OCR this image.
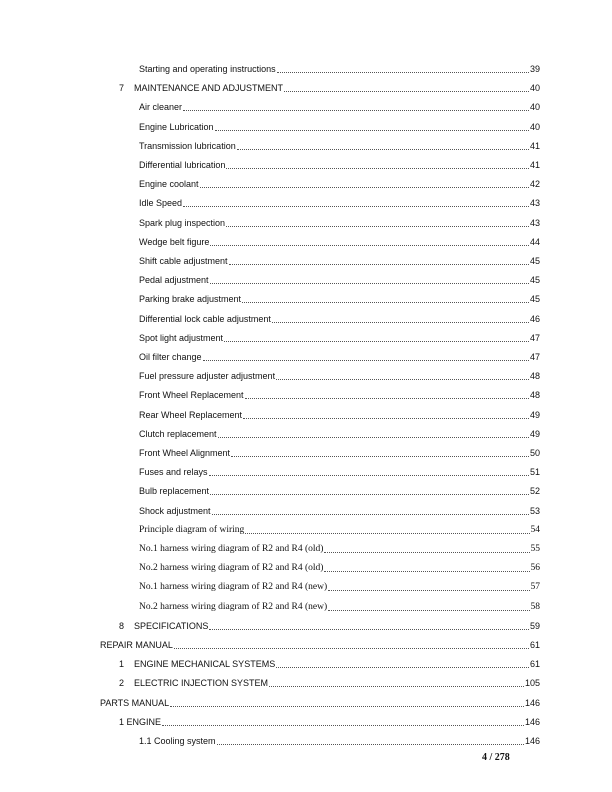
Starting and operating instructions	39
7	MAINTENANCE AND ADJUSTMENT	40
Air cleaner	40
Engine Lubrication	40
Transmission lubrication	41
Differential lubrication	41
Engine coolant	42
Idle Speed	43
Spark plug inspection	43
Wedge belt figure	44
Shift cable adjustment	45
Pedal adjustment	45
Parking brake adjustment	45
Differential lock cable adjustment	46
Spot light adjustment	47
Oil filter change	47
Fuel pressure adjuster adjustment	48
Front Wheel Replacement	48
Rear Wheel Replacement	49
Clutch replacement	49
Front Wheel Alignment	50
Fuses and relays	51
Bulb replacement	52
Shock adjustment	53
Principle diagram of wiring	54
No.1 harness wiring diagram of R2 and R4 (old)	55
No.2 harness wiring diagram of R2 and R4 (old)	56
No.1 harness wiring diagram of R2 and R4 (new)	57
No.2 harness wiring diagram of R2 and R4 (new)	58
8	SPECIFICATIONS	59
REPAIR MANUAL	61
1	ENGINE MECHANICAL SYSTEMS	61
2	ELECTRIC INJECTION SYSTEM	105
PARTS MANUAL	146
1 ENGINE	146
1.1 Cooling system	146
4 / 278
